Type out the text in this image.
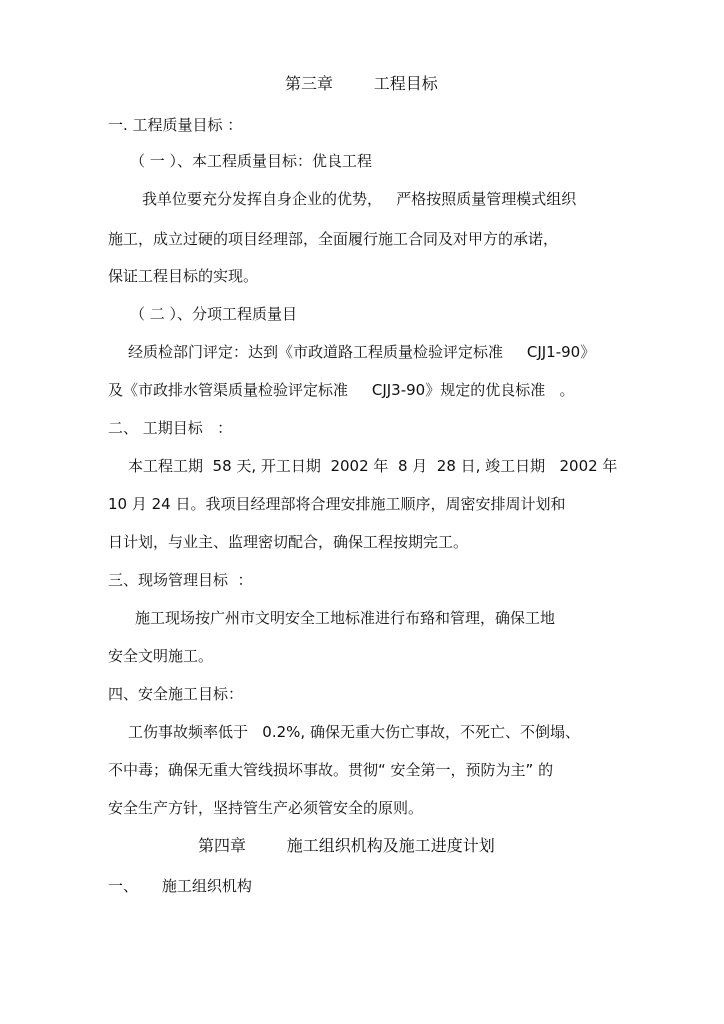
第三章        工程目标
一. 工程质量目标 ：
（ 一 ）、本工程质量目标：优良工程
我单位要充分发挥自身企业的优势，   严格按照质量管理模式组织
施工，成立过硬的项目经理部，全面履行施工合同及对甲方的承诺，
保证工程目标的实现。
（ 二 ）、分项工程质量目
经质检部门评定：达到《市政道路工程质量检验评定标准     CJJ1-90》
及《市政排水管渠质量检验评定标准     CJJ3-90》规定的优良标准   。
二、 工期目标   ：
本工程工期  58 天, 开工日期  2002 年  8 月  28 日, 竣工日期   2002 年
10 月 24 日。我项目经理部将合理安排施工顺序，周密安排周计划和
日计划，与业主、监理密切配合，确保工程按期完工。
三、现场管理目标  ：
施工现场按广州市文明安全工地标准进行布臵和管理，确保工地
安全文明施工。
四、安全施工目标：
工伤事故频率低于   0.2%, 确保无重大伤亡事故，不死亡、不倒塌、
不中毒；确保无重大管线损坏事故。贯彻“ 安全第一，预防为主” 的
安全生产方针，坚持管生产必须管安全的原则。
第四章        施工组织机构及施工进度计划
一、     施工组织机构
